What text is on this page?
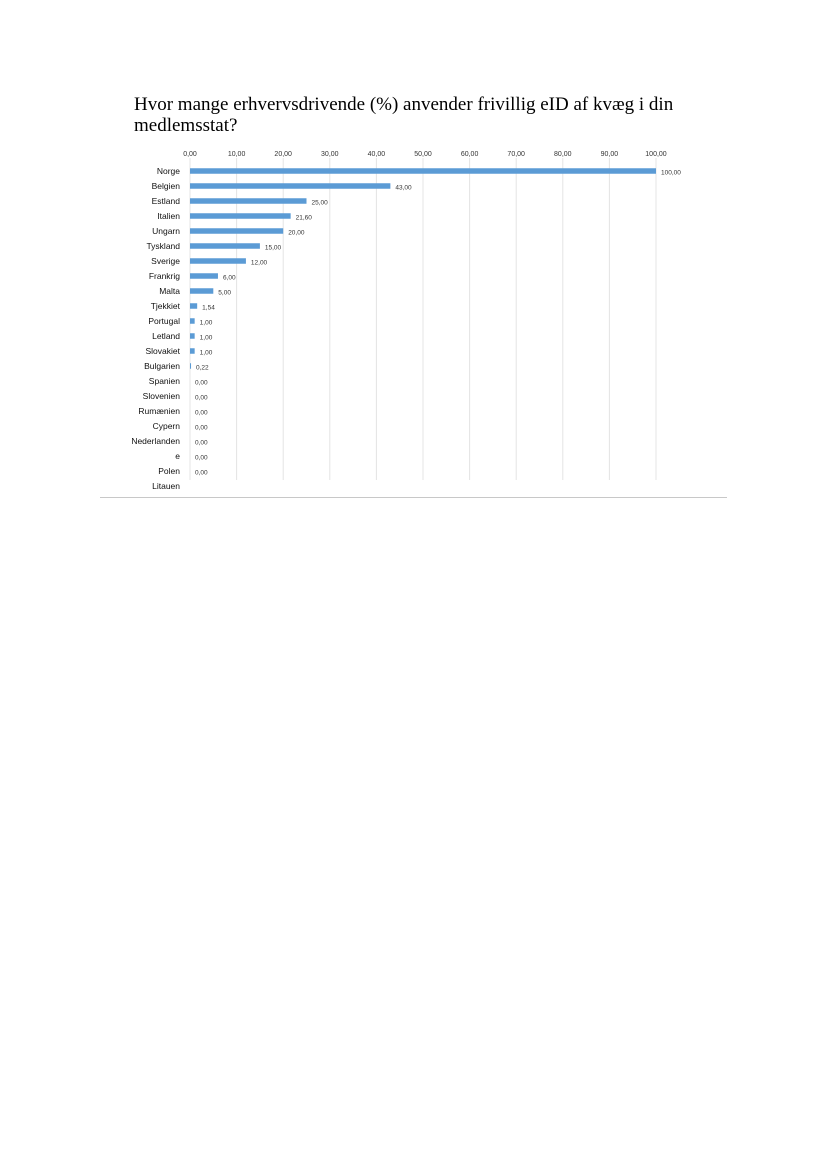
Hvor mange erhvervsdrivende (%) anvender frivillig eID af kvæg i din medlemsstat?
0,00	10,00	20,00	30,00	40,00	50,00	60,00	70,00	80,00	90,00	100,00
Norge	100,00
Belgien	43,00
Estland	25,00
Italien	21,60
Ungarn	20,00
Tyskland	15,00
Sverige	12,00
Frankrig	6,00
Malta	5,00
Tjekkiet	1,54
Portugal	1,00
Letland	1,00
Slovakiet	1,00
Bulgarien 0,22
Spanien 0,00
Slovenien 0,00
Rumænien 0,00
Cypern 0,00
Nederlanden 0,00
e 0,00
Polen 0,00
Litauen
